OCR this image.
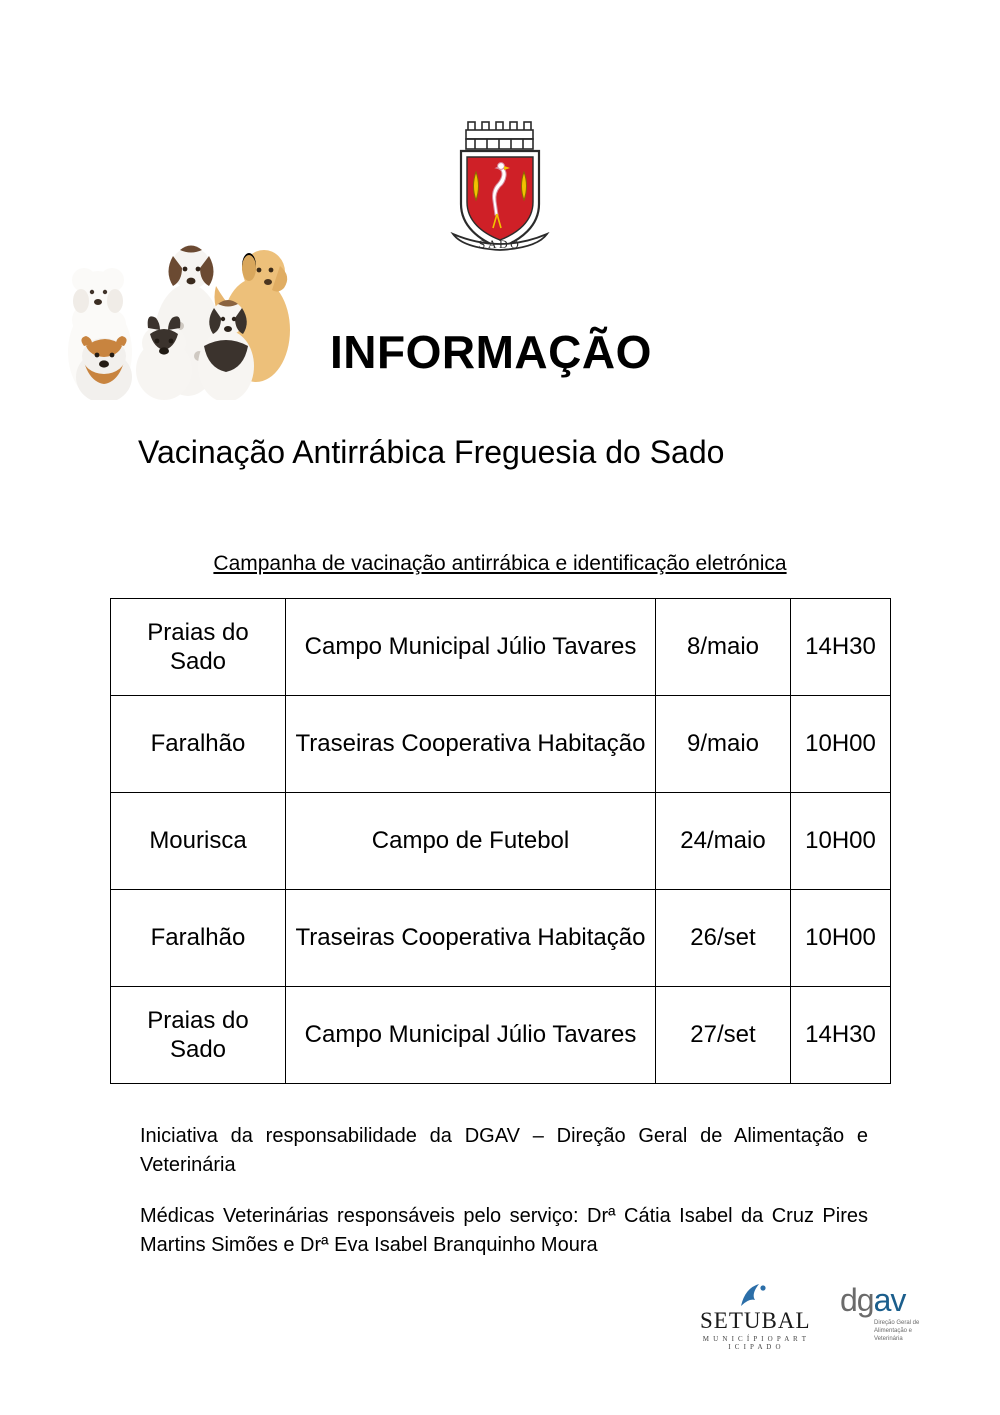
SADO
INFORMAÇÃO
Vacinação Antirrábica Freguesia do Sado
Campanha de vacinação antirrábica e identificação eletrónica
Praias do Sado	Campo Municipal Júlio Tavares	8/maio	14H30
Faralhão	Traseiras Cooperativa Habitação	9/maio	10H00
Mourisca	Campo de Futebol	24/maio	10H00
Faralhão	Traseiras Cooperativa Habitação	26/set	10H00
Praias do Sado	Campo Municipal Júlio Tavares	27/set	14H30

Iniciativa da responsabilidade da DGAV – Direção Geral de Alimentação e Veterinária

Médicas Veterinárias responsáveis pelo serviço: Drª Cátia Isabel da Cruz Pires Martins Simões e Drª Eva Isabel Branquinho Moura

SETUBAL
M U N I C Í P I O P A R T I C I P A D O
dgav
Direção Geral de Alimentação e Veterinária
